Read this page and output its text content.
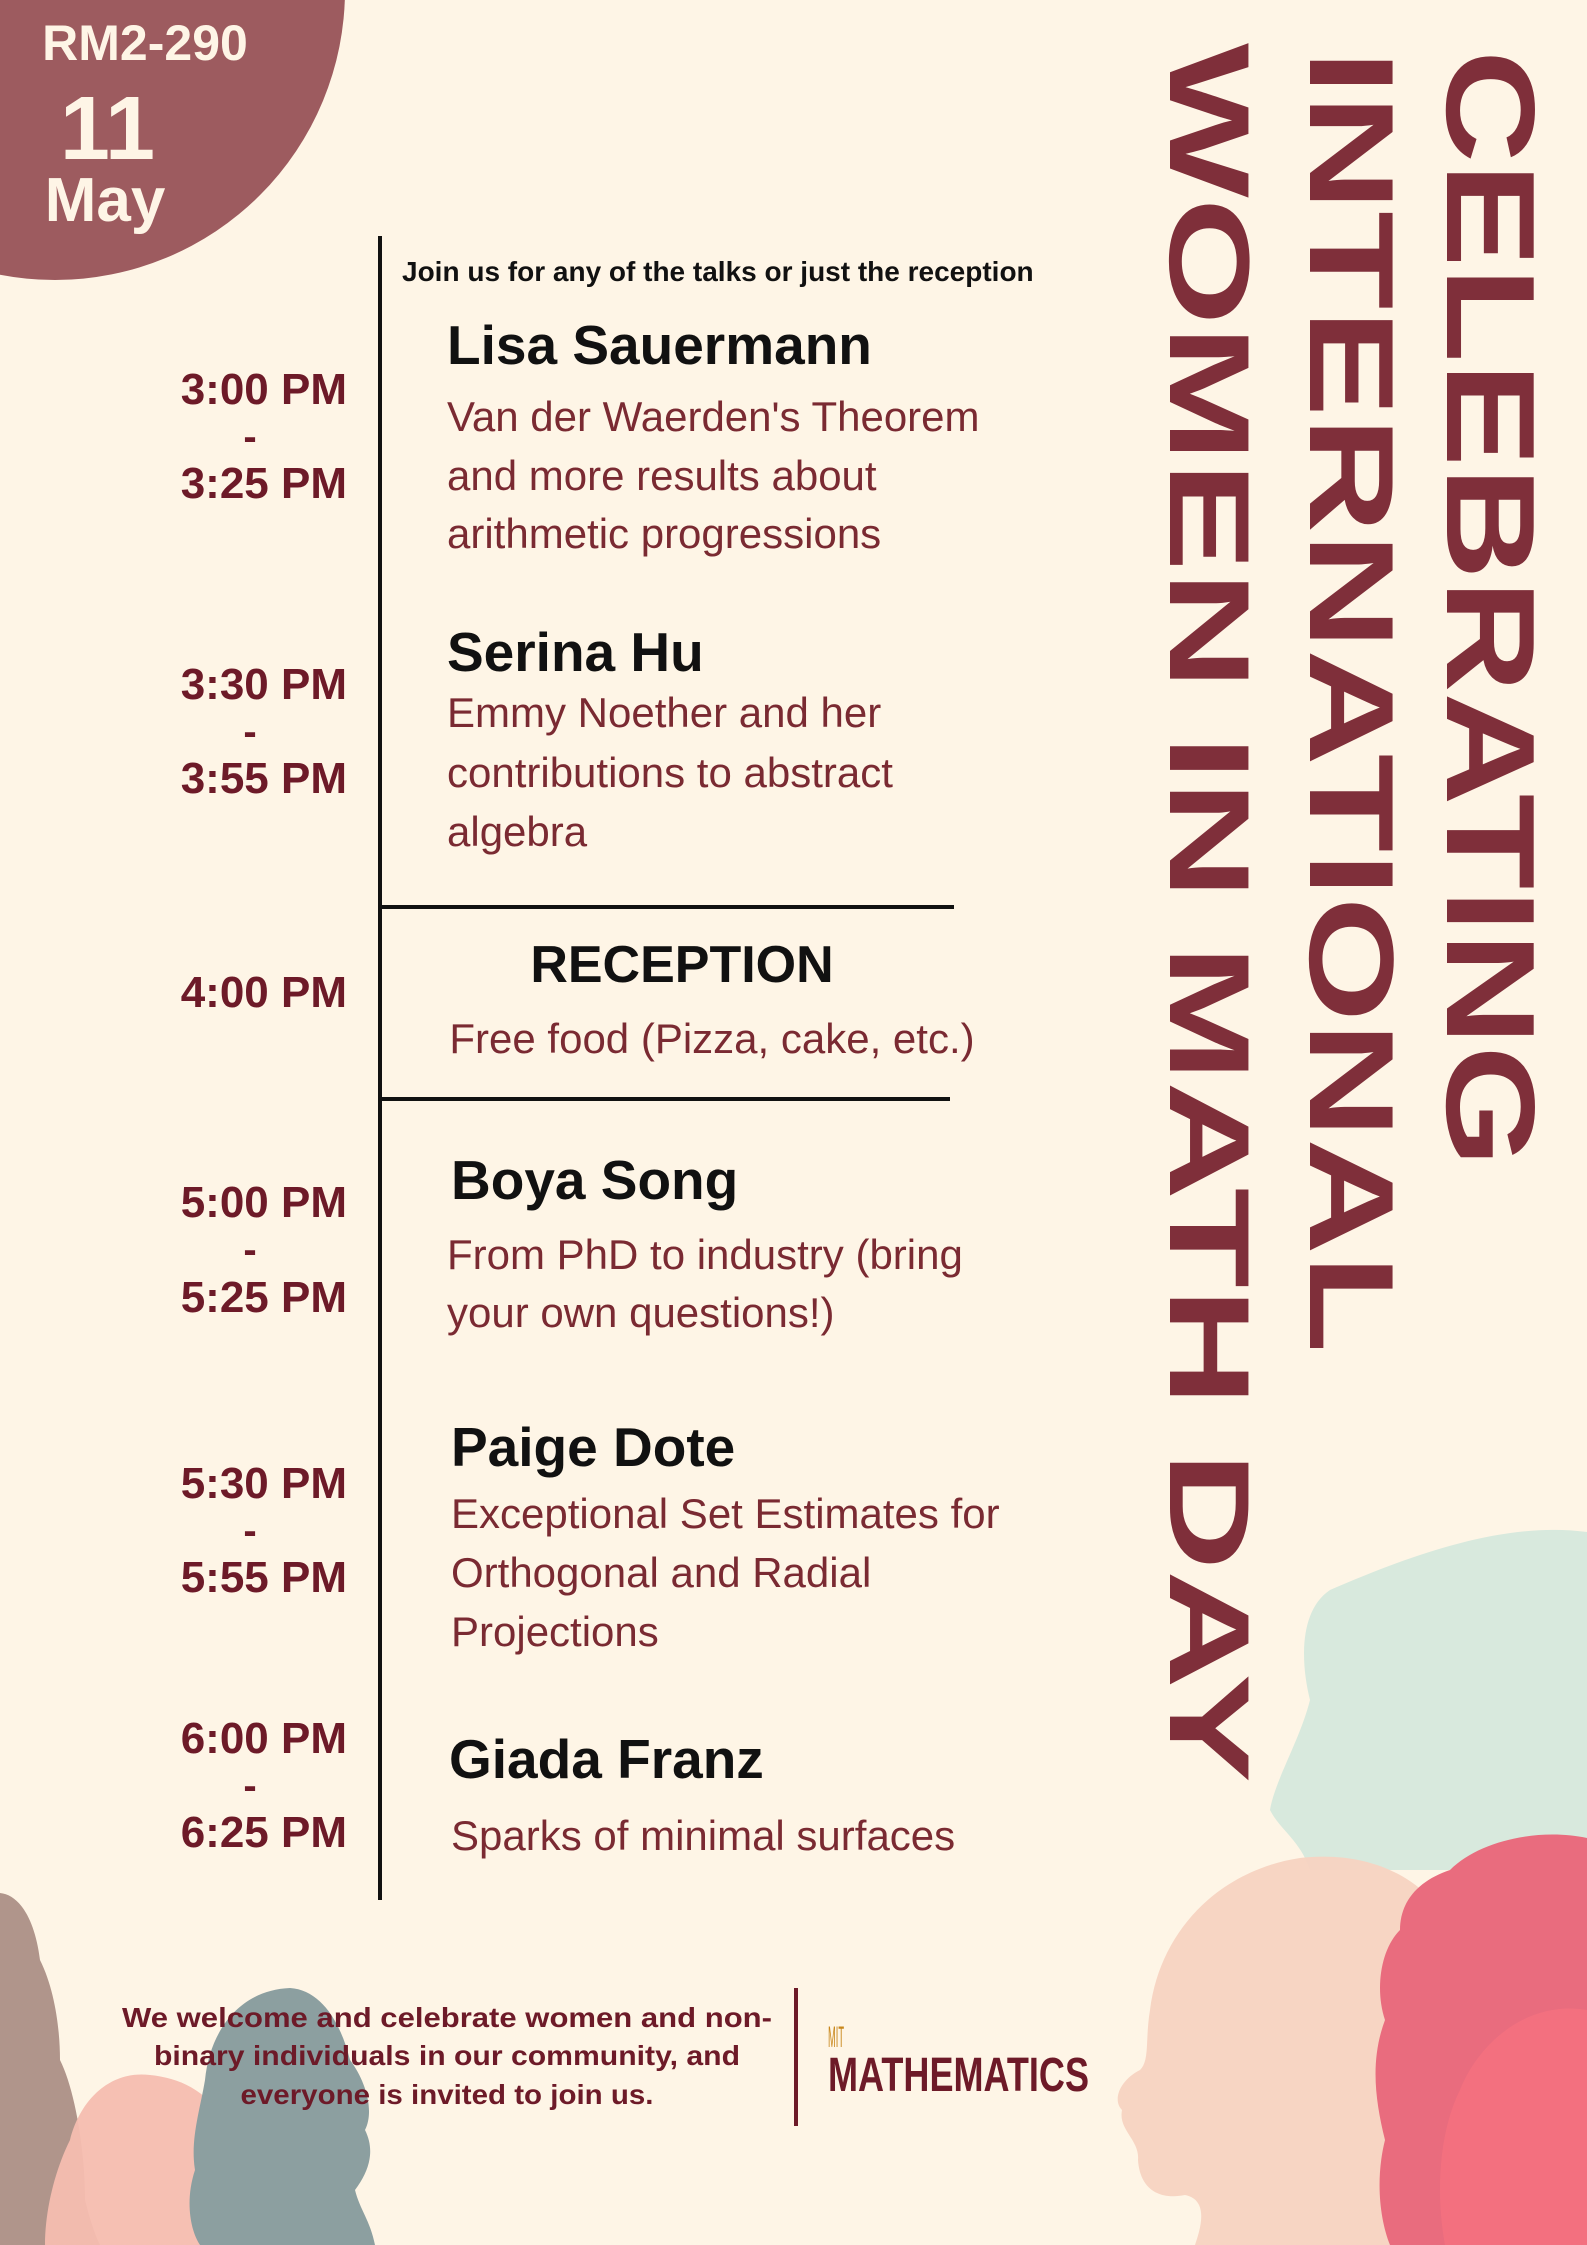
RM2-290
11
May	CELEBRATING
INTERNATIONAL
WOMEN IN MATH DAY
Join us for any of the talks or just the reception
3:00 PM
-
3:25 PM
Lisa Sauermann
Van der Waerden's Theorem
and more results about
arithmetic progressions
3:30 PM
-
3:55 PM
Serina Hu
Emmy Noether and her
contributions to abstract
algebra
4:00 PM	RECEPTION
Free food (Pizza, cake, etc.)
5:00 PM
-
5:25 PM
Boya Song
From PhD to industry (bring
your own questions!)
5:30 PM
-
5:55 PM
Paige Dote
Exceptional Set Estimates for
Orthogonal and Radial
Projections
6:00 PM
-
6:25 PM
Giada Franz
Sparks of minimal surfaces
We welcome and celebrate women and non-
binary individuals in our community, and
everyone is invited to join us.
MIT
MATHEMATICS
